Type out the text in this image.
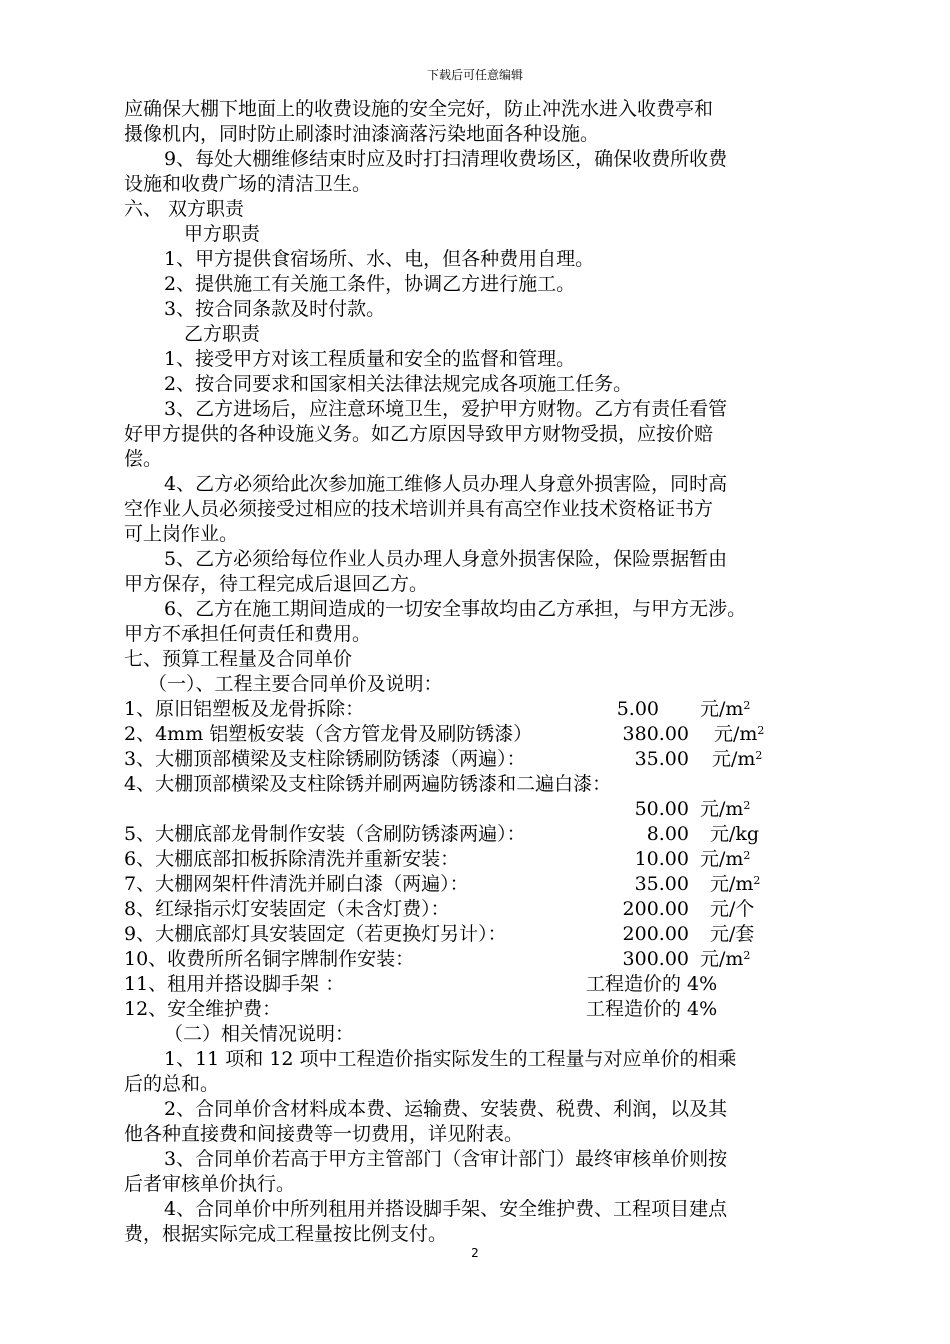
下载后可任意编辑
应确保大棚下地面上的收费设施的安全完好，防止冲洗水进入收费亭和
摄像机内，同时防止刷漆时油漆滴落污染地面各种设施。
9、每处大棚维修结束时应及时打扫清理收费场区，确保收费所收费
设施和收费广场的清洁卫生。
六、 双方职责
甲方职责
1、甲方提供食宿场所、水、电，但各种费用自理。
2、提供施工有关施工条件，协调乙方进行施工。
3、按合同条款及时付款。
乙方职责
1、接受甲方对该工程质量和安全的监督和管理。
2、按合同要求和国家相关法律法规完成各项施工任务。
3、乙方进场后，应注意环境卫生，爱护甲方财物。乙方有责任看管
好甲方提供的各种设施义务。如乙方原因导致甲方财物受损，应按价赔
偿。
4、乙方必须给此次参加施工维修人员办理人身意外损害险，同时高
空作业人员必须接受过相应的技术培训并具有高空作业技术资格证书方
可上岗作业。
5、乙方必须给每位作业人员办理人身意外损害保险，保险票据暂由
甲方保存，待工程完成后退回乙方。
6、乙方在施工期间造成的一切安全事故均由乙方承担，与甲方无涉。
甲方不承担任何责任和费用。
七、预算工程量及合同单价
（一）、工程主要合同单价及说明：
1、原旧铝塑板及龙骨拆除：	5.00 元$/m^2$
2、4mm 铝塑板安装（含方管龙骨及刷防锈漆）	380.00 元$/m^2$
3、大棚顶部横梁及支柱除锈刷防锈漆（两遍）：	35.00 元$/m^2$
4、大棚顶部横梁及支柱除锈并刷两遍防锈漆和二遍白漆：
50.00 元$/m^2$
5、大棚底部龙骨制作安装（含刷防锈漆两遍）：	8.00 元/kg
6、大棚底部扣板拆除清洗并重新安装：	10.00 元$/m^2$
7、大棚网架杆件清洗并刷白漆（两遍）：	35.00 元$/m^2$
8、红绿指示灯安装固定（未含灯费）：	200.00 元/个
9、大棚底部灯具安装固定（若更换灯另计）：	200.00 元/套
10、收费所所名铜字牌制作安装：	300.00 元$/m^2$
11、租用并搭设脚手架 ：	工程造价的 4%
12、安全维护费：	工程造价的 4%
（二）相关情况说明：
1、11 项和 12 项中工程造价指实际发生的工程量与对应单价的相乘
后的总和。
2、合同单价含材料成本费、运输费、安装费、税费、利润，以及其
他各种直接费和间接费等一切费用，详见附表。
3、合同单价若高于甲方主管部门（含审计部门）最终审核单价则按
后者审核单价执行。
4、合同单价中所列租用并搭设脚手架、安全维护费、工程项目建点
费，根据实际完成工程量按比例支付。
2
